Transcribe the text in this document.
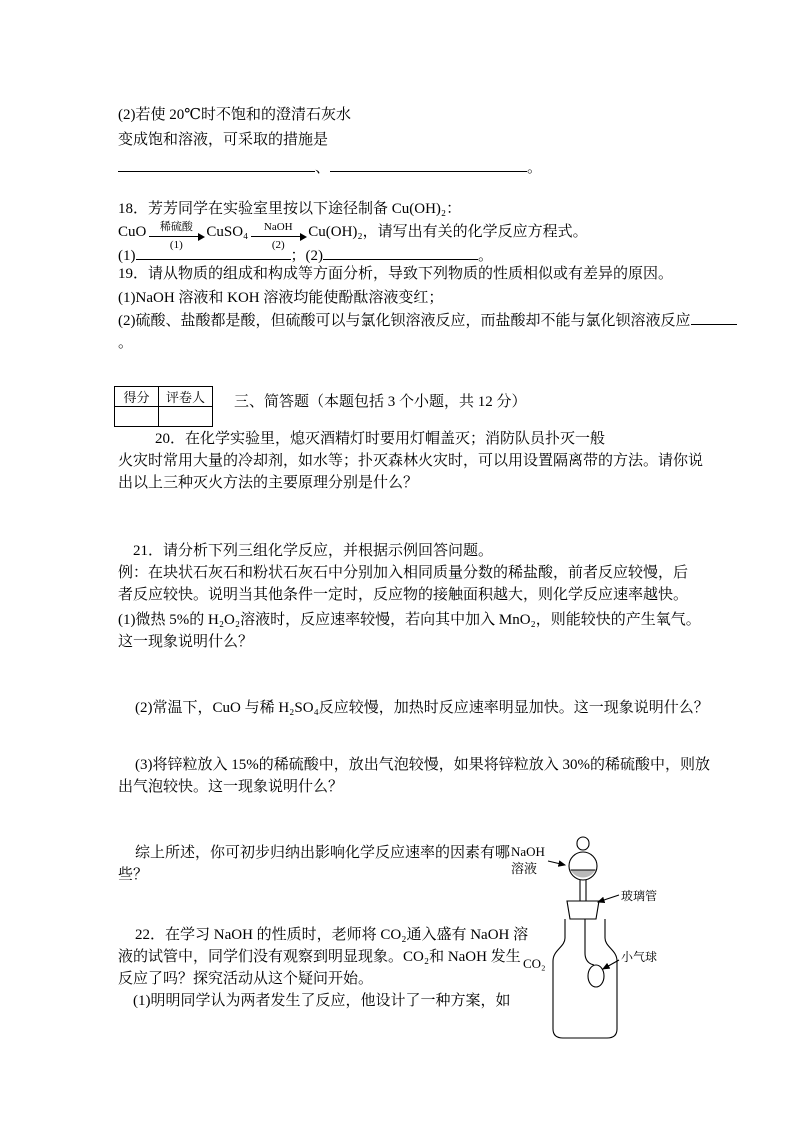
(2)若使 20℃时不饱和的澄清石灰水
变成饱和溶液，可采取的措施是
、	。
18．芳芳同学在实验室里按以下途径制备 Cu(OH)₂：
CuO 稀硫酸
(1)
CuSO₄ NaOH
(2)
Cu(OH)₂，请写出有关的化学反应方程式。
(1)	；(2)	。
19．请从物质的组成和构成等方面分析，导致下列物质的性质相似或有差异的原因。
(1)NaOH 溶液和 KOH 溶液均能使酚酞溶液变红；
(2)硫酸、盐酸都是酸，但硫酸可以与氯化钡溶液反应，而盐酸却不能与氯化钡溶液反应
。
得分	评卷人
	三、简答题（本题包括 3 个小题，共 12 分）
20．在化学实验里，熄灭酒精灯时要用灯帽盖灭；消防队员扑灭一般
火灾时常用大量的冷却剂，如水等；扑灭森林火灾时，可以用设置隔离带的方法。请你说
出以上三种灭火方法的主要原理分别是什么？
21．请分析下列三组化学反应，并根据示例回答问题。
例：在块状石灰石和粉状石灰石中分别加入相同质量分数的稀盐酸，前者反应较慢，后
者反应较快。说明当其他条件一定时，反应物的接触面积越大，则化学反应速率越快。
(1)微热 5%的 H₂O₂溶液时，反应速率较慢，若向其中加入 MnO₂，则能较快的产生氧气。
这一现象说明什么？
(2)常温下，CuO 与稀 H₂SO₄反应较慢，加热时反应速率明显加快。这一现象说明什么？
(3)将锌粒放入 15%的稀硫酸中，放出气泡较慢，如果将锌粒放入 30%的稀硫酸中，则放
出气泡较快。这一现象说明什么？
综上所述，你可初步归纳出影响化学反应速率的因素有哪
些？
22．在学习 NaOH 的性质时，老师将 CO₂通入盛有 NaOH 溶
液的试管中，同学们没有观察到明显现象。CO₂和 NaOH 发生
反应了吗？探究活动从这个疑问开始。
(1)明明同学认为两者发生了反应，他设计了一种方案，如
NaOH
溶液
玻璃管
CO₂	小气球
